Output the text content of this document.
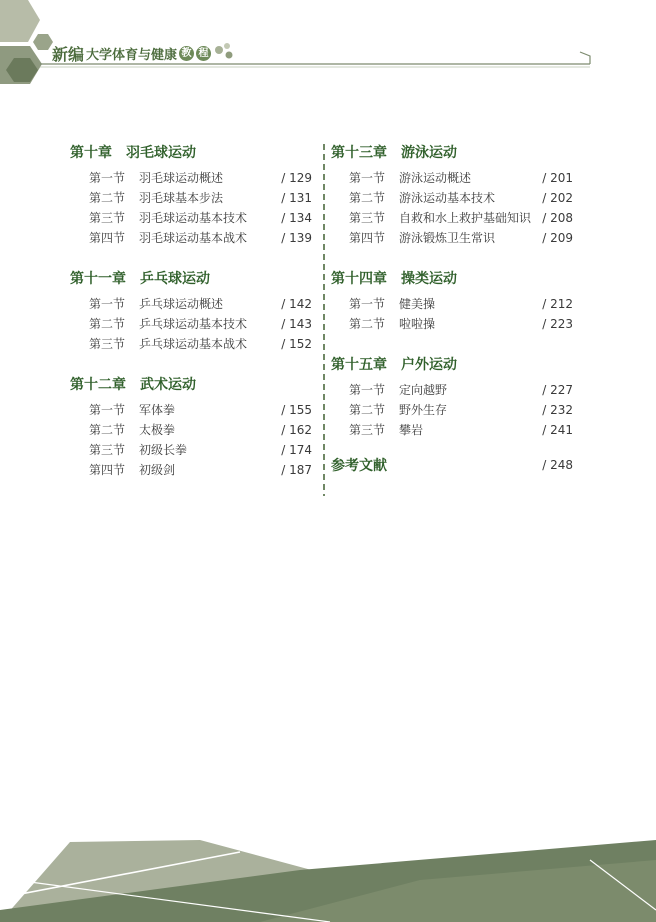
新编 大学体育与健康 教 程
第十章 羽毛球运动
第一节 羽毛球运动概述	/ 129
第二节 羽毛球基本步法	/ 131
第三节 羽毛球运动基本技术	/ 134
第四节 羽毛球运动基本战术	/ 139
第十一章 乒乓球运动
第一节 乒乓球运动概述	/ 142
第二节 乒乓球运动基本技术	/ 143
第三节 乒乓球运动基本战术	/ 152
第十二章 武术运动
第一节 军体拳	/ 155
第二节 太极拳	/ 162
第三节 初级长拳	/ 174
第四节 初级剑	/ 187
第十三章 游泳运动
第一节 游泳运动概述	/ 201
第二节 游泳运动基本技术	/ 202
第三节 自救和水上救护基础知识 / 208
第四节 游泳锻炼卫生常识	/ 209
第十四章 操类运动
第一节 健美操	/ 212
第二节 啦啦操	/ 223
第十五章 户外运动
第一节 定向越野	/ 227
第二节 野外生存	/ 232
第三节 攀岩	/ 241
参考文献	/ 248
